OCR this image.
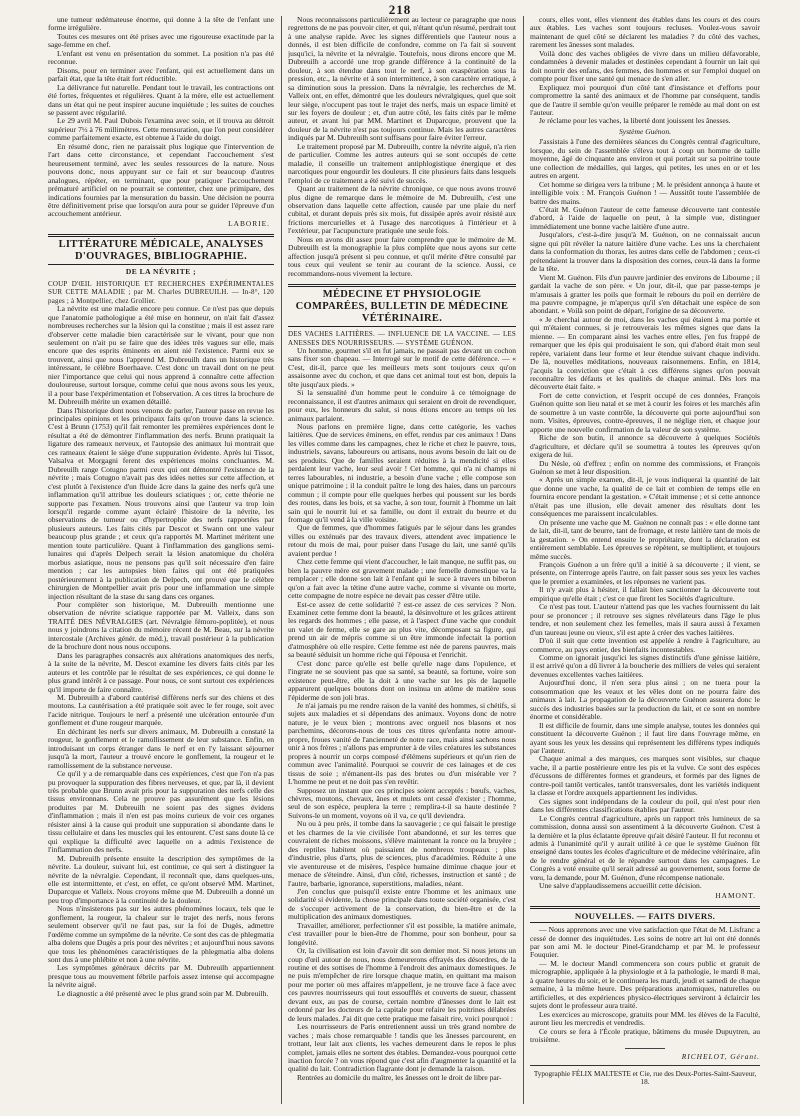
218

une tumeur œdémateuse énorme, qui donne à la tête de l'enfant une forme irrégulière.

Toutes ces mesures ont été prises avec une rigoureuse exactitude par la sage-femme en chef.

L'enfant est venu en présentation du sommet. La position n'a pas été reconnue.

Disons, pour en terminer avec l'enfant, qui est actuellement dans un parfait état, que la tête était fort réductible.

La délivrance fut naturelle. Pendant tout le travail, les contractions ont été fortes, fréquentes et régulières. Quant à la mère, elle est actuellement dans un état qui ne peut inspirer aucune inquiétude ; les suites de couches se passent avec régularité.

Le 29 avril M. Paul Dubois l'examina avec soin, et il trouva au détroit supérieur 7½ à 76 millimètres. Cette mensuration, que l'on peut considérer comme parfaitement exacte, est obtenue à l'aide du doigt.

En résumé donc, rien ne paraissait plus logique que l'intervention de l'art dans cette circonstance, et cependant l'accouchement s'est heureusement terminé, avec les seules ressources de la nature. Nous pouvons donc, nous appuyant sur ce fait et sur beaucoup d'autres analogues, répéter, en terminant, que pour pratiquer l'accouchement prématuré artificiel on ne pourrait se contenter, chez une primipare, des indications fournies par la mensuration du bassin. Une décision ne pourra être définitivement prise que lorsqu'on aura pour se guider l'épreuve d'un accouchement antérieur.

LABORIE.
LITTÉRATURE MÉDICALE, ANALYSES D'OUVRAGES, BIBLIOGRAPHIE.
DE LA NÉVRITE ;

COUP D'ŒIL HISTORIQUE ET RECHERCHES EXPÉRIMENTALES SUR CETTE MALADIE ; par M. Charles DUBREUILH. — In-8°, 120 pages ; à Montpellier, chez Grollier.

La névrite est une maladie encore peu connue. Ce n'est pas que depuis que l'anatomie pathologique a été mise en honneur, on n'ait fait d'assez nombreuses recherches sur la lésion qui la constitue ; mais il est assez rare d'observer cette maladie bien caractérisée sur le vivant, pour que non seulement on n'ait pu se faire que des idées très vagues sur elle, mais encore que des esprits éminents en aient nié l'existence. Parmi eux se trouvent, ainsi que nous l'apprend M. Dubreuilh dans un historique très intéressant, le célèbre Boerhaave. C'est donc un travail dont on ne peut nier l'importance que celui qui nous apprend à connaître cette affection douloureuse, surtout lorsque, comme celui que nous avons sous les yeux, il a pour base l'expérimentation et l'observation. A ces titres la brochure de M. Dubreuilh mérite un examen détaillé.

Dans l'historique dont nous venons de parler, l'auteur passe en revue les principales opinions et les principaux faits qu'on trouve dans la science. C'est à Brunn (1753) qu'il fait remonter les premières expériences dont le résultat a été de démontrer l'inflammation des nerfs. Brunn pratiquait la ligature des rameaux nerveux, et l'autopsie des animaux lui montrait que ces rameaux étaient le siège d'une suppuration évidente. Après lui Tissot, Valsalva et Morgagni ferent des expériences moins concluantes. M. Dubreuilh range Cotugno parmi ceux qui ont démontré l'existence de la névrite ; mais Cotugno n'avait pas des idées nettes sur cette affection, et c'est plutôt à l'existence d'un fluide âcre dans la gaine des nerfs qu'à une inflammation qu'il attribue les douleurs sciatiques ; or, cette théorie ne supporte pas l'examen. Nous trouvons ainsi que l'auteur va trop loin lorsqu'il regarde comme ayant éclairé l'histoire de la névrite, les observations de tumeur ou d'hypertrophie des nerfs rapportées par plusieurs auteurs. Les faits cités par Descot et Swann ont une valeur beaucoup plus grande ; et ceux qu'a rapportés M. Martinet méritent une mention toute particulière. Quant à l'inflammation des ganglions semi-lunaires qui d'après Delpech serait la lésion anatomique du choléra morbus asiatique, nous ne pensons pas qu'il soit nécessaire d'en faire mention ; car les autopsies bien faites qui ont été pratiquées postérieurement à la publication de Delpech, ont prouvé que le célèbre chirurgien de Montpellier avait pris pour une inflammation une simple injection résultant de la stase du sang dans ces organes.

Pour compléter son historique, M. Dubreuilh mentionne une observation de névrite sciatique rapportée par M. Valleix, dans son TRAITÉ DES NÉVRALGIES (art. Névralgie fémoro-poplitée), et nous nous y joindrons la citation du mémoire récent de M. Beau, sur la névrite intercostale (Archives génér. de méd.), travail postérieur à la publication de la brochure dont nous nous occupons.

Dans les paragraphes consacrés aux altérations anatomiques des nerfs, à la suite de la névrite, M. Descot examine les divers faits cités par les auteurs et les contrôle par le résultat de ses expériences, ce qui donne le plus grand intérêt à ce passage. Pour nous, ce sont surtout ces expériences qu'il importe de faire connaître.

M. Dubreuilh a d'abord cautérisé différens nerfs sur des chiens et des moutons. La cautérisation a été pratiquée soit avec le fer rouge, soit avec l'acide nitrique. Toujours le nerf a présenté une ulcération entourée d'un gonflement et d'une rougeur marquée.

En déchirant les nerfs sur divers animaux, M. Dubreuilh a constaté la rougeur, le gonflement et le ramollissement de leur substance. Enfin, en introduisant un corps étranger dans le nerf et en l'y laissant séjourner jusqu'à la mort, l'auteur a trouvé encore le gonflement, la rougeur et le ramollissement de la substance nerveuse.

Ce qu'il y a de remarquable dans ces expériences, c'est que l'on n'a pas pu provoquer la suppuration des fibres nerveuses, et que, par là, il devient très probable que Brunn avait pris pour la suppuration des nerfs celle des tissus environnans. Cela ne prouve pas assurément que les lésions produites par M. Dubreuilh ne soient pas des signes évidens d'inflammation ; mais il n'en est pas moins curieux de voir ces organes résister ainsi à la cause qui produit une suppuration si abondante dans le tissu cellulaire et dans les muscles qui les entourent. C'est sans doute là ce qui explique la difficulté avec laquelle on a admis l'existence de l'inflammation des nerfs.

M. Dubreuilh présente ensuite la description des symptômes de la névrite. La douleur, suivant lui, est continue, ce qui sert à distinguer la névrite de la névralgie. Cependant, il reconnaît que, dans quelques-uns, elle est intermittente, et c'est, en effet, ce qu'ont observé MM. Martinet, Duparcque et Valleix. Nous croyons même que M. Dubreuilh a donné un peu trop d'importance à la continuité de la douleur.

Nous n'insisterons pas sur les autres phénomènes locaux, tels que le gonflement, la rougeur, la chaleur sur le trajet des nerfs, nous ferons seulement observer qu'il ne faut pas, sur la foi de Dugès, admettre l'œdème comme un symptôme de la névrite. Ce sont des cas de phlegmatia alba dolens que Dugès a pris pour des névrites ; et aujourd'hui nous savons que tous les phénomènes caractéristiques de la phlegmatia alba dolens sont dus à une phlébite et non à une névrite.

Les symptômes généraux décrits par M. Dubreuilh appartiennent presque tous au mouvement fébrile parfois assez intense qui accompagne la névrite aiguë.

Le diagnostic a été présenté avec le plus grand soin par M. Dubreuilh.

Nous reconnaissons particulièrement au lecteur ce paragraphe que nous regrettons de ne pas pouvoir citer, et qui, n'étant qu'un résumé, perdrait tout à une analyse rapide. Avec les signes différentiels que l'auteur nous a donnés, il est bien difficile de confondre, comme on l'a fait si souvent jusqu'ici, la névrite et la névralgie. Toutefois, nous dirons encore que M. Dubreuilh a accordé une trop grande différence à la continuité de la douleur, à son étendue dans tout le nerf, à son exaspération sous la pression, etc., la névrite et à son intermittence, à son caractère erratique, à sa diminution sous la pression. Dans la névralgie, les recherches de M. Valleix ont, en effet, démontré que les douleurs névralgiques, quel que soit leur siège, n'occupent pas tout le trajet des nerfs, mais un espace limité et sur les foyers de douleur ; et, d'un autre côté, les faits cités par le même auteur, et avant lui par MM. Martinet et Duparcque, prouvent que la douleur de la névrite n'est pas toujours continue. Mais les autres caractères indiqués par M. Dubreuilh sont suffisans pour faire éviter l'erreur.

Le traitement proposé par M. Dubreuilh, contre la névrite aiguë, n'a rien de particulier. Comme les autres auteurs qui se sont occupés de cette maladie, il conseille un traitement antiphlogistique énergique et des narcotiques pour engourdir les douleurs. Il cite plusieurs faits dans lesquels l'emploi de ce traitement a été suivi de succès.

Quant au traitement de la névrite chronique, ce que nous avons trouvé plus digne de remarque dans le mémoire de M. Dubreuilh, c'est une observation dans laquelle cette affection, causée par une plaie du nerf cubital, et durant depuis près six mois, fut dissipée après avoir résisté aux frictions mercurielles et à l'usage des narcotiques à l'intérieur et à l'extérieur, par l'acupuncture pratiquée une seule fois.

Nous en avons dit assez pour faire comprendre que le mémoire de M. Dubreuilh est la monographie la plus complète que nous ayons sur cette affection jusqu'à présent si peu connue, et qu'il mérite d'être consulté par tous ceux qui veulent se tenir au courant de la science. Aussi, ce recommandons-nous vivement la lecture.

MÉDECINE ET PHYSIOLOGIE COMPARÉES, BULLETIN DE MÉDECINE VÉTÉRINAIRE.

DES VACHES LAITIÈRES. — INFLUENCE DE LA VACCINE. — LES ANESSES DES NOURRISSEURS. — SYSTÈME GUÉNON.

Un homme, gourmet s'il en fut jamais, ne passait pas devant un cochon sans fixer son chapeau. — Interrogé sur le motif de cette déférence. — « C'est, dit-il, parce que les meilleurs mets sont toujours ceux qu'on assaisonne avec du cochon, et que dans cet animal tout est bon, depuis la tête jusqu'aux pieds. »

Si la sensualité d'un homme peut le conduire à ce témoignage de reconnaissance, il est d'autres animaux qui seraient en droit de revendiquer, pour eux, les honneurs du salut, si nous étions encore au temps où les animaux parlaient.

Nous parlons en première ligne, dans cette catégorie, les vaches laitières. Que de services éminens, en effet, rendus par ces animaux ! Dans les villes comme dans les campagnes, chez le riche et chez le pauvre, tous, industriels, savans, laboureurs ou artisans, nous avons besoin du lait ou de ses produits. Que de familles seraient réduites à la mendicité si elles perdaient leur vache, leur seul avoir ! Cet homme, qui n'a ni champs ni terres labourables, ni industrie, a besoin d'une vache ; elle compose son unique patrimoine ; il la conduit paître le long des haies, dans un parcours commun ; il compte pour elle quelques herbes qui poussent sur les bords des routes, dans les bois, et sa vache, à son tour, fournit à l'homme un lait sain qui le nourrit lui et sa famille, ou dont il extrait du beurre et du fromage qu'il vend à la ville voisine.

Que de femmes, que d'hommes fatigués par le séjour dans les grandes villes ou exténués par des travaux divers, attendent avec impatience le retour du mois de mai, pour puiser dans l'usage du lait, une santé qu'ils avaient perdue !

Chez cette femme qui vient d'accoucher, le lait manque, ne suffit pas, ou bien la pauvre mère est gravement malade ; une femelle domestique va la remplacer ; elle donne son lait à l'enfant qui le suce à travers un biberon qu'on a fait avec la tétine d'une autre vache, comme si vivante ou morte, cette compagne de notre espèce ne devait pas cesser d'être utile.

Est-ce assez de cette solidarité ? est-ce assez de ces services ? Non. Examinez cette femme dont la beauté, la désinvolture et les grâces attirent les regards des hommes ; elle passe, et à l'aspect d'une vache que conduit un valet de ferme, elle se gare au plus vite, décomposant sa figure, qui prend un air de mépris comme si un être immonde infectait la portion d'atmosphère où elle respire. Cette femme est née de parens pauvres, mais sa beauté séduisit un homme riche qui l'épousa et l'enrichit.

C'est donc parce qu'elle est belle qu'elle nage dans l'opulence, et l'ingrate ne se souvient pas que sa santé, sa beauté, sa fortune, voire son existence peut-être, elle la doit à une vache sur les pis de laquelle apparurent quelques boutons dont on insinua un atôme de matière sous l'épiderme de son joli bras.

Je n'ai jamais pu me rendre raison de la vanité des hommes, si chétifs, si sujets aux maladies et si dépendans des animaux. Voyons donc de notre nature, je le veux bien ; montrons avec orgueil nos blasons et nos parchemins, décorons-nous de tous ces titres qu'enfanta notre amour-propre, froues vanité de l'ancienneté de notre race, mais ainsi sachons nous unir à nos frères ; n'allons pas emprunter à de viles créatures les substances propres à nourrir un corps composé d'élémens supérieurs et qu'un rien de commun avec l'animalité. Pourquoi se couvrir de ces lainages et de ces tissus de soie ; n'émanent-ils pas des brutes ou d'un misérable ver ? L'homme ne peut et ne doit pas s'en revêtir.

Supposez un instant que ces principes soient acceptés : bœufs, vaches, chèvres, moutons, chevaux, ânes et mulets ont cessé d'exister ; l'homme, seul de son espèce, peuplera la terre ; remplira-t-il sa haute destinée ? Suivons-le un moment, voyons où il va, ce qu'il deviendra.

Nu ou à peu près, il tombe dans la sauvagerie ; ce qui faisait le prestige et les charmes de la vie civilisée l'ont abandonné, et sur les terres que couvraient de riches moissons, s'élève maintenant la ronce ou la bruyère ; des reptiles habitent où paissaient de nombreux troupeaux ; plus d'industrie, plus d'arts, plus de sciences, plus d'académies. Réduite à une vie aventureuse et de misères, l'espèce humaine diminue chaque jour et menace de s'éteindre. Ainsi, d'un côté, richesses, instruction et santé ; de l'autre, barbarie, ignorance, superstitions, maladies, néant.

J'en conclus que puisqu'il existe entre l'homme et les animaux une solidarité si évidente, la chose principale dans toute société organisée, c'est de s'occuper activement de la conservation, du bien-être et de la multiplication des animaux domestiques.

Travailler, améliorer, perfectionner s'il est possible, la matière animale, c'est travailler pour le bien-être de l'homme, pour son bonheur, pour sa longévité.

Or, la civilisation est loin d'avoir dit son dernier mot. Si nous jetons un coup d'œil autour de nous, nous demeurerons effrayés des désordres, de la routine et des sottises de l'homme à l'endroit des animaux domestiques. Je ne puis m'empêcher de rire lorsque chaque matin, en quittant ma maison pour me porter où mes affaires m'appellent, je ne trouve face à face avec ces pauvres nourrisseurs qui tout essoufflés et couverts de sueur, chassent devant eux, au pas de course, certain nombre d'ânesses dont le lait est ordonné par les docteurs de la capitale pour refaire les poitrines délabrées de leurs malades. J'ai dit que cette pratique me faisait rire, voici pourquoi :

Les nourrisseurs de Paris entretiennent aussi un très grand nombre de vaches ; mais chose remarquable ! tandis que les ânesses parcourent, en trottant, leur lait aux clients, les vaches demeurent dans le repos le plus complet, jamais elles ne sortent des étables. Demandez-vous pourquoi cette inaction forcée ? on vous répond que c'est afin d'augmenter la quantité et la qualité du lait. Contradiction flagrante dont je demande la raison.

Rentrées au domicile du maître, les ânesses ont le droit de libre par-

cours, elles vont, elles viennent des étables dans les cours et des cours aux étables. Les vaches sont toujours recluses. Voulez-vous savoir maintenant de quel côté se déclarent les maladies ? du côté des vaches, rarement les ânesses sont malades.

Voilà donc des vaches obligées de vivre dans un milieu défavorable, condamnées à devenir malades et destinées cependant à fournir un lait qui doit nourrir des enfans, des femmes, des hommes et sur l'emploi duquel on compte pour fixer une santé qui menace de s'en aller.

Expliquez moi pourquoi d'un côté tant d'insistance et d'efforts pour compromettre la santé des animaux et de l'homme par conséquent, tandis que de l'autre il semble qu'on veuille préparer le remède au mal dont on est l'auteur.

Je réclame pour les vaches, la liberté dont jouissent les ânesses.

Système Guénon.

J'assistais à l'une des dernières séances du Congrès central d'agriculture, lorsque, du sein de l'assemblée s'éleva tout à coup un homme de taille moyenne, âgé de cinquante ans environ et qui portait sur sa poitrine toute une collection de médailles, qui larges, qui petites, les unes en or et les autres en argent.

Cet homme se dirigea vers la tribune ; M. le président annonça à haute et intelligible voix : M. François Guénon ! — Aussitôt toute l'assemblée de battre des mains.

C'était M. Guénon l'auteur de cette fameuse découverte tant contestée d'abord, à l'aide de laquelle on peut, à la simple vue, distinguer immédiatement une bonne vache laitière d'une autre.

Jusqu'alors, c'est-à-dire jusqu'à M. Guénon, on ne connaissait aucun signe qui pût révéler la nature laitière d'une vache. Les uns la cherchaient dans la conformation du thorax, les autres dans celle de l'abdomen ; ceux-ci prétendaient la trouver dans la disposition des cornes, ceux-là dans la forme de la tête.

Vient M. Guénon. Fils d'un pauvre jardinier des environs de Libourne ; il gardait la vache de son père. « Un jour, dit-il, que par passe-temps je m'amusais à gratter les poils que formait le rebours du poil en derrière de ma pauvre compagne, je m'aperçus qu'il s'en détachait une espèce de son abondant. » Voilà son point de départ, l'origine de sa découverte.

« Je cherchai autour de moi, dans les vaches qui étaient à ma portée et qui m'étaient connues, si je retrouverais les mêmes signes que dans la mienne. — En comparant ainsi les vaches entre elles, j'en fus frappé de remarquer que les épis qui produisaient le son, qui d'abord était mon seul repère, variaient dans leur forme et leur étendue suivant chaque individu. De là, nouvelles méditations, nouveaux raisonnemens. Enfin, en 1814, j'acquis la conviction que c'était à ces différens signes qu'on pouvait reconnaître les défauts et les qualités de chaque animal. Dès lors ma découverte était faite. »

Fort de cette conviction, et l'esprit occupé de ces données, François Guénon quitte son lieu natal et se met à courir les foires et les marchés afin de soumettre à un vaste contrôle, la découverte qui porte aujourd'hui son nom. Visites, épreuves, contre-épreuves, il ne néglige rien, et chaque jour apporte une nouvelle confirmation de la valeur de son système.

Riche de son butin, il annonce sa découverte à quelques Sociétés d'agriculture, et déclare qu'il se soumettra à toutes les épreuves qu'on exigera de lui.

Du Nésle, où d'effrez ; enfin on nomme des commissions, et François Guénon se met à leur disposition.

« Après un simple examen, dit-il, je vous indiquerai la quantité de lait que donne une vache, la qualité de ce lait et combien de temps elle en fournira encore pendant la gestation. » C'était immense ; et si cette annonce n'était pas une illusion, elle devait amener des résultats dont les conséquences me paraissent incalculables.

On présente une vache que M. Guénon ne connaît pas : « elle donne tant de lait, dit-il, tant de beurre, tant de fromage, et reste laitière tant de mois de la gestation. » On entend ensuite le propriétaire, dont la déclaration est entièrement semblable. Les épreuves se répètent, se multiplient, et toujours même succès.

François Guénon a un frère qu'il a initié à sa découverte ; il vient, se présente, on l'interroge après l'autre, on fait passer sous ses yeux les vaches que le premier a examinées, et les réponses ne varient pas.

Il n'y avait plus à hésiter, il fallait bien sanctionner la découverte tout empirique qu'elle était ; c'est ce que firent les Sociétés d'agriculture.

Ce n'est pas tout. L'auteur n'attend pas que les vaches fournissent du lait pour se prononcer ; il retrouve ses signes révélateurs dans l'âge le plus tendre, et non seulement chez les femelles, mais il saura aussi à l'examen d'un taureau jeune ou vieux, s'il est apte à créer des vaches laitières.

D'où il suit que cette invention est appelée à rendre à l'agriculture, au commerce, au pays entier, des bienfaits incontestables.

Comme on ignorait jusqu'ici les signes distinctifs d'une génisse laitière, il est arrivé qu'on a dû livrer à la boucherie des milliers de veles qui seraient devenues excellentes vaches laitières.

Aujourd'hui donc, il n'en sera plus ainsi ; on ne tuera pour la consommation que les veaux et les vêles dont on ne pourra faire des animaux à lait. La propagation de la découverte Guénon assurera donc le succès des industries basées sur la production du lait, et ce sont en nombre énorme et considérable.

Il est difficile de fournir, dans une simple analyse, toutes les données qui constituent la découverte Guénon ; il faut lire dans l'ouvrage même, en ayant sous les yeux les dessins qui représentent les différens types indiqués par l'auteur.

Chaque animal a des marques, ces marques sont visibles, sur chaque vache, il a partie postérieure entre les pis et la vulve. Ce sont des espèces d'écussons de différentes formes et grandeurs, et formés par des lignes de contre-poil tantôt verticales, tantôt transversales, dont les variétés indiquent la classe et l'ordre auxquels appartiennent les individus.

Ces signes sont indépendans de la couleur du poil, qui n'est pour rien dans les différentes classifications établies par l'auteur.

Le Congrès central d'agriculture, après un rapport très lumineux de sa commission, donna aussi son assentiment à la découverte Guénon. C'est à la dernière et la plus éclatante épreuve qu'ait désiré l'auteur. Il fut reconnu et admis à l'unanimité qu'il y aurait utilité à ce que le système Guénon fût enseigné dans toutes les écoles d'agriculture et de médecine vétérinaire, afin de le rendre général et de le répandre surtout dans les campagnes. Le Congrès a voté ensuite qu'il serait adressé au gouvernement, sous forme de vœu, la demande, pour M. Guénon, d'une récompense nationale.

Une salve d'applaudissemens accueillit cette décision.

HAMONT.
NOUVELLES. — FAITS DIVERS.

— Nous apprenons avec une vive satisfaction que l'état de M. Lisfranc a cessé de donner des inquiétudes. Les soins de notre art lui ont été donnés par son ami M. le docteur Pinel-Grandchamp et par M. le professeur Fouquier.

— M. le docteur Mandl commencera son cours public et gratuit de micrographie, appliquée à la physiologie et à la pathologie, le mardi 8 mai, à quatre heures du soir, et le continuera les mardi, jeudi et samedi de chaque semaine, à la même heure. Des préparations anatomiques, naturelles ou artificielles, et des expériences physico-électriques serviront à éclaircir les sujets dont le professeur aura traité.

Les exercices au microscope, gratuits pour MM. les élèves de la Faculté, auront lieu les mercredis et vendredis.

Ce cours se fera à l'École pratique, bâtimens du musée Dupuytren, au troisième.

RICHELOT, Gérant.
Typographie FÉLIX MALTESTE et Cie, rue des Deux-Portes-Saint-Sauveur, 18.
